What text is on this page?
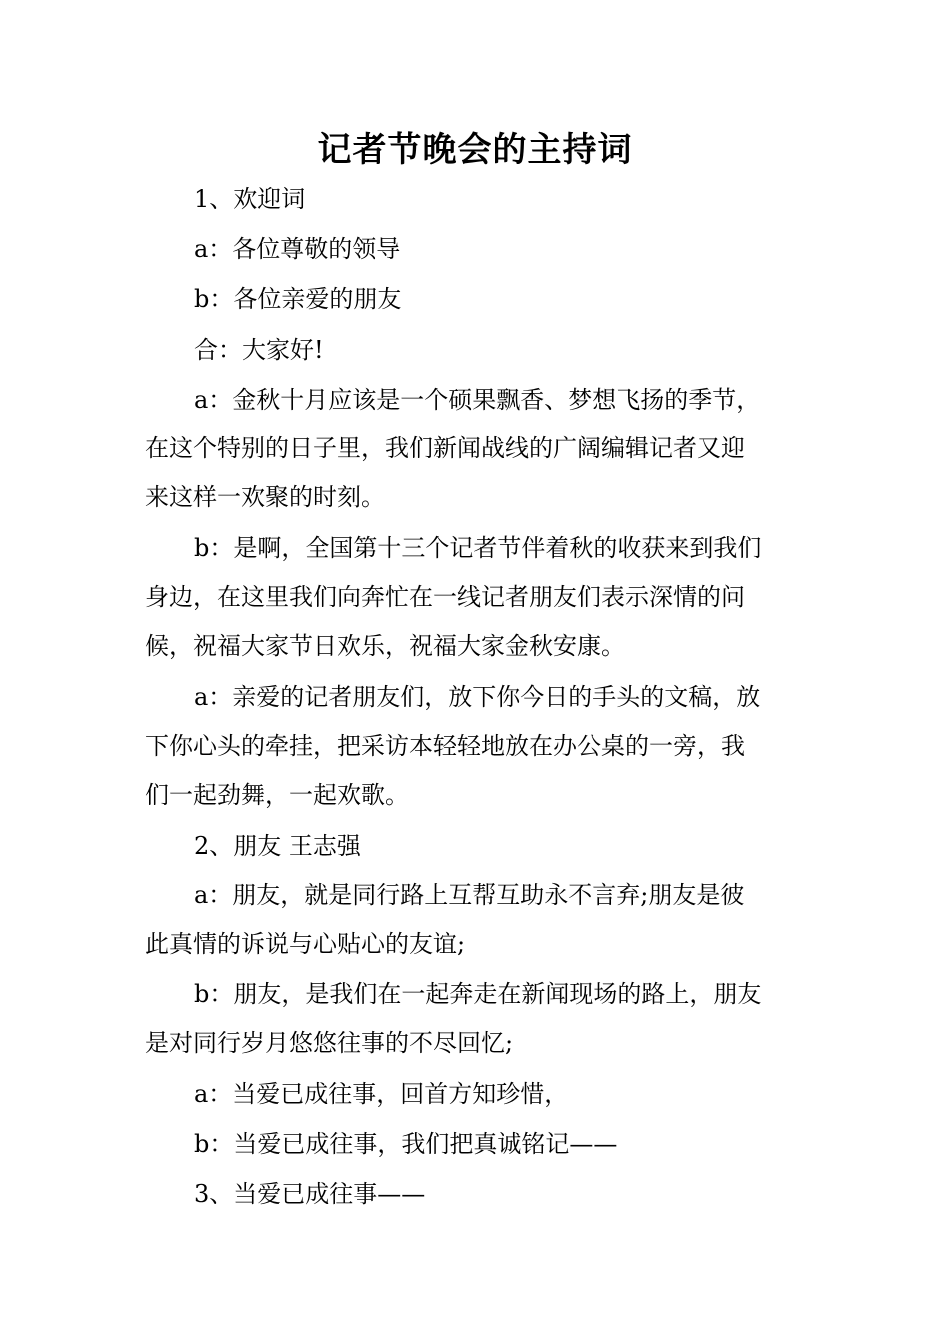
记者节晚会的主持词

1、欢迎词

a：各位尊敬的领导

b：各位亲爱的朋友

合：大家好!

a：金秋十月应该是一个硕果飘香、梦想飞扬的季节，

在这个特别的日子里，我们新闻战线的广阔编辑记者又迎

来这样一欢聚的时刻。

b：是啊，全国第十三个记者节伴着秋的收获来到我们

身边，在这里我们向奔忙在一线记者朋友们表示深情的问

候，祝福大家节日欢乐，祝福大家金秋安康。

a：亲爱的记者朋友们，放下你今日的手头的文稿，放

下你心头的牵挂，把采访本轻轻地放在办公桌的一旁，我

们一起劲舞，一起欢歌。

2、朋友 王志强

a：朋友，就是同行路上互帮互助永不言弃;朋友是彼

此真情的诉说与心贴心的友谊;

b：朋友，是我们在一起奔走在新闻现场的路上，朋友

是对同行岁月悠悠往事的不尽回忆;

a：当爱已成往事，回首方知珍惜，

b：当爱已成往事，我们把真诚铭记——

3、当爱已成往事——
